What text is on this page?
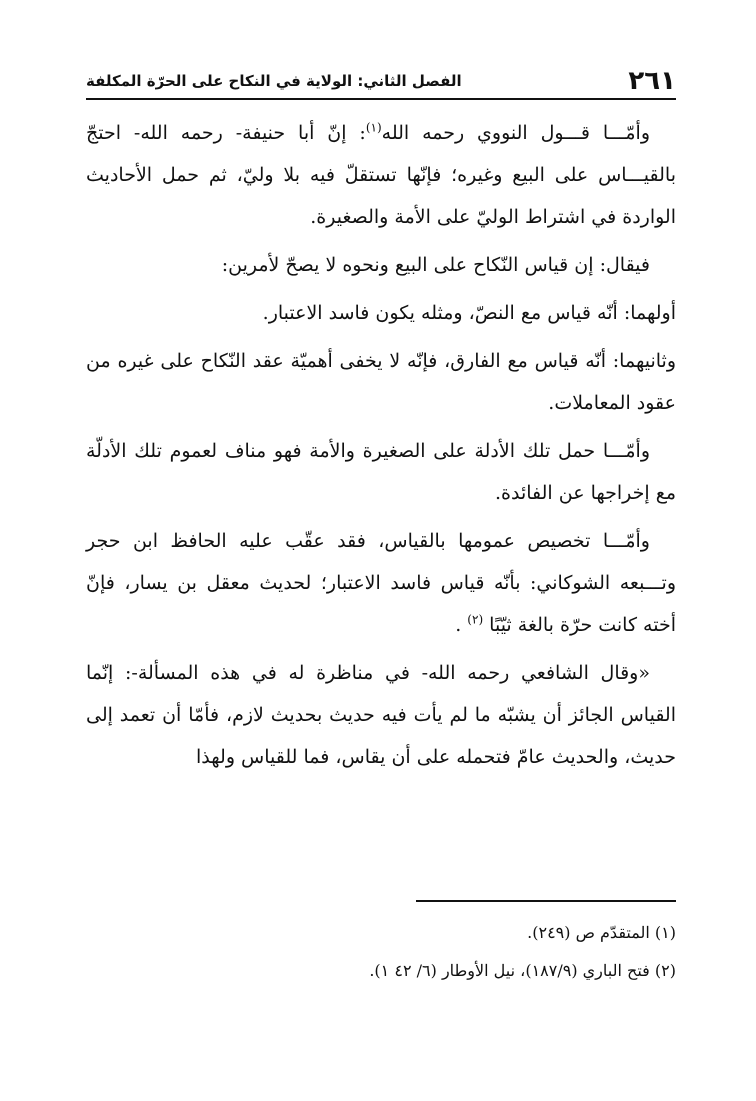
٢٦١
الفصل الثاني: الولاية في النكاح على الحرّة المكلفة

وأمّـــا قـــول النووي رحمه الله$^{(١)}$: إنّ أبا حنيفة- رحمه الله- احتجّ بالقيـــاس على البيع وغيره؛ فإنّها تستقلّ فيه بلا وليّ، ثم حمل الأحاديث الواردة في اشتراط الوليّ على الأمة والصغيرة.

فيقال: إن قياس النّكاح على البيع ونحوه لا يصحّ لأمرين:

أولهما: أنّه قياس مع النصّ، ومثله يكون فاسد الاعتبار.

وثانيهما: أنّه قياس مع الفارق، فإنّه لا يخفى أهميّة عقد النّكاح على غيره من عقود المعاملات.

وأمّـــا حمل تلك الأدلة على الصغيرة والأمة فهو مناف لعموم تلك الأدلّة مع إخراجها عن الفائدة.

وأمّـــا تخصيص عمومها بالقياس، فقد عقّب عليه الحافظ ابن حجر وتـــبعه الشوكاني: بأنّه قياس فاسد الاعتبار؛ لحديث معقل بن يسار، فإنّ أخته كانت حرّة بالغة ثيّبًا $^{(٢)}$ .

«وقال الشافعي رحمه الله- في مناظرة له في هذه المسألة-: إنّما القياس الجائز أن يشبّه ما لم يأت فيه حديث بحديث لازم، فأمّا أن تعمد إلى حديث، والحديث عامّ فتحمله على أن يقاس، فما للقياس ولهذا

(١) المتقدّم ص (٢٤٩).
(٢) فتح الباري (١٨٧/٩)، نيل الأوطار (٦/ ٤٢ ١).
